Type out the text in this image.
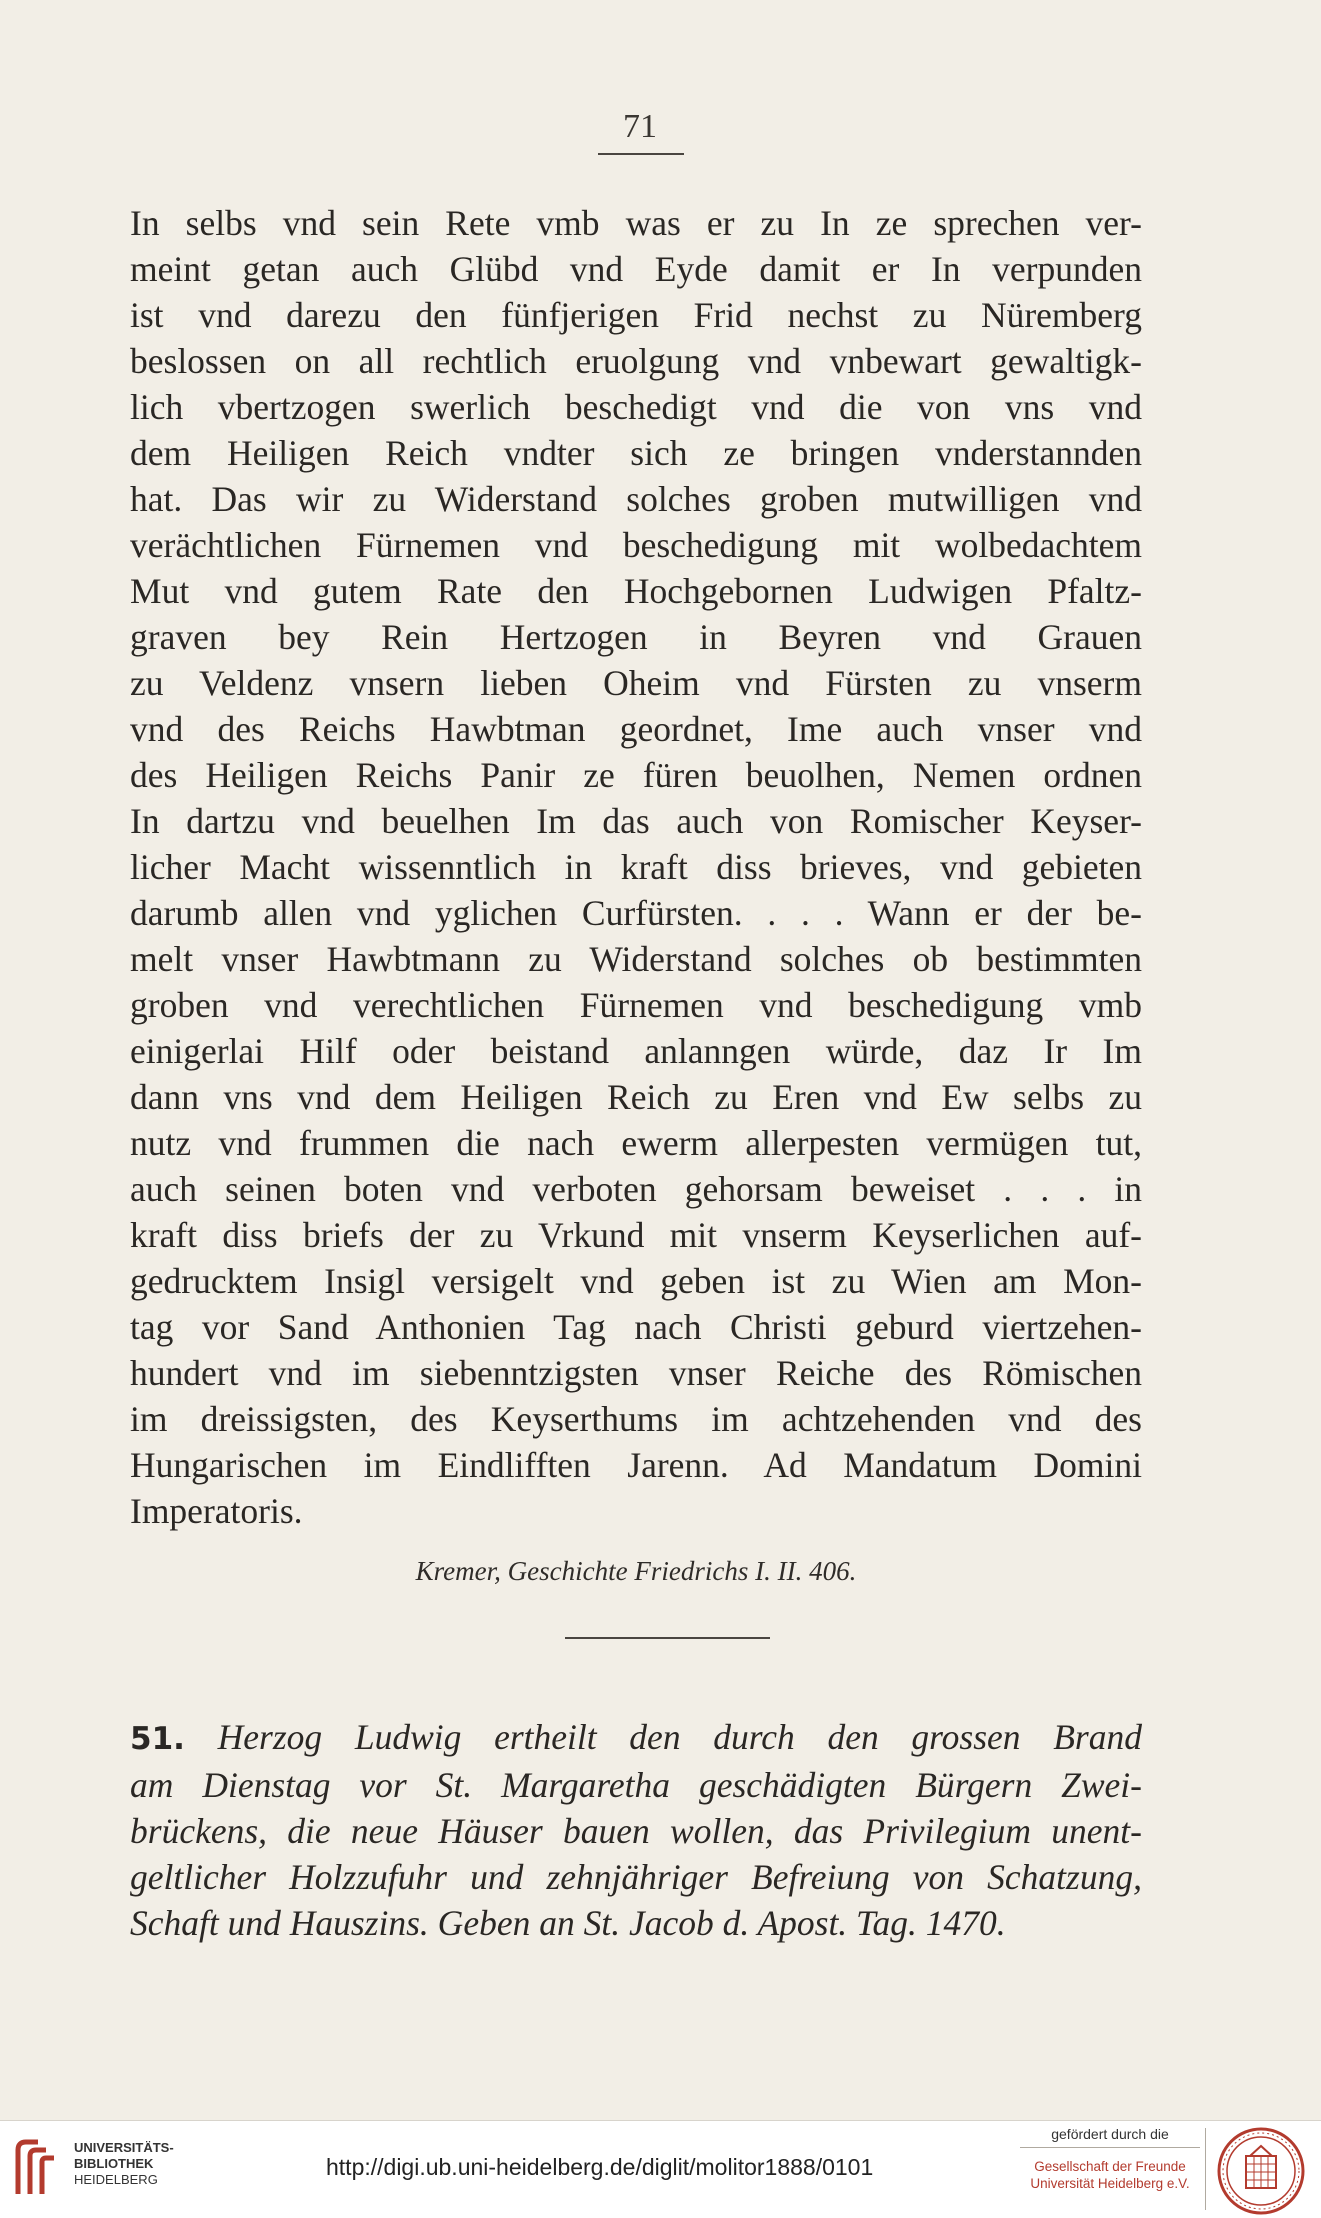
71
In selbs vnd sein Rete vmb was er zu In ze sprechen ver-
meint getan auch Glübd vnd Eyde damit er In verpunden
ist vnd darezu den fünfjerigen Frid nechst zu Nüremberg
beslossen on all rechtlich eruolgung vnd vnbewart gewaltigk-
lich vbertzogen swerlich beschedigt vnd die von vns vnd
dem Heiligen Reich vndter sich ze bringen vnderstannden
hat. Das wir zu Widerstand solches groben mutwilligen vnd
verächtlichen Fürnemen vnd beschedigung mit wolbedachtem
Mut vnd gutem Rate den Hochgebornen Ludwigen Pfaltz-
graven bey Rein Hertzogen in Beyren vnd Grauen
zu Veldenz vnsern lieben Oheim vnd Fürsten zu vnserm
vnd des Reichs Hawbtman geordnet, Ime auch vnser vnd
des Heiligen Reichs Panir ze füren beuolhen, Nemen ordnen
In dartzu vnd beuelhen Im das auch von Romischer Keyser-
licher Macht wissenntlich in kraft diss brieves, vnd gebieten
darumb allen vnd yglichen Curfürsten. . . . Wann er der be-
melt vnser Hawbtmann zu Widerstand solches ob bestimmten
groben vnd verechtlichen Fürnemen vnd beschedigung vmb
einigerlai Hilf oder beistand anlanngen würde, daz Ir Im
dann vns vnd dem Heiligen Reich zu Eren vnd Ew selbs zu
nutz vnd frummen die nach ewerm allerpesten vermügen tut,
auch seinen boten vnd verboten gehorsam beweiset . . . in
kraft diss briefs der zu Vrkund mit vnserm Keyserlichen auf-
gedrucktem Insigl versigelt vnd geben ist zu Wien am Mon-
tag vor Sand Anthonien Tag nach Christi geburd viertzehen-
hundert vnd im siebenntzigsten vnser Reiche des Römischen
im dreissigsten, des Keyserthums im achtzehenden vnd des
Hungarischen im Eindlifften Jarenn. Ad Mandatum Domini
Imperatoris.
Kremer, Geschichte Friedrichs I. II. 406.
51. Herzog Ludwig ertheilt den durch den grossen Brand
am Dienstag vor St. Margaretha geschädigten Bürgern Zwei-
brückens, die neue Häuser bauen wollen, das Privilegium unent-
geltlicher Holzzufuhr und zehnjähriger Befreiung von Schatzung,
Schaft und Hauszins. Geben an St. Jacob d. Apost. Tag. 1470.
UNIVERSITÄTS-
BIBLIOTHEK
HEIDELBERG	http://digi.ub.uni-heidelberg.de/diglit/molitor1888/0101
gefördert durch die
Gesellschaft der Freunde
Universität Heidelberg e.V.
